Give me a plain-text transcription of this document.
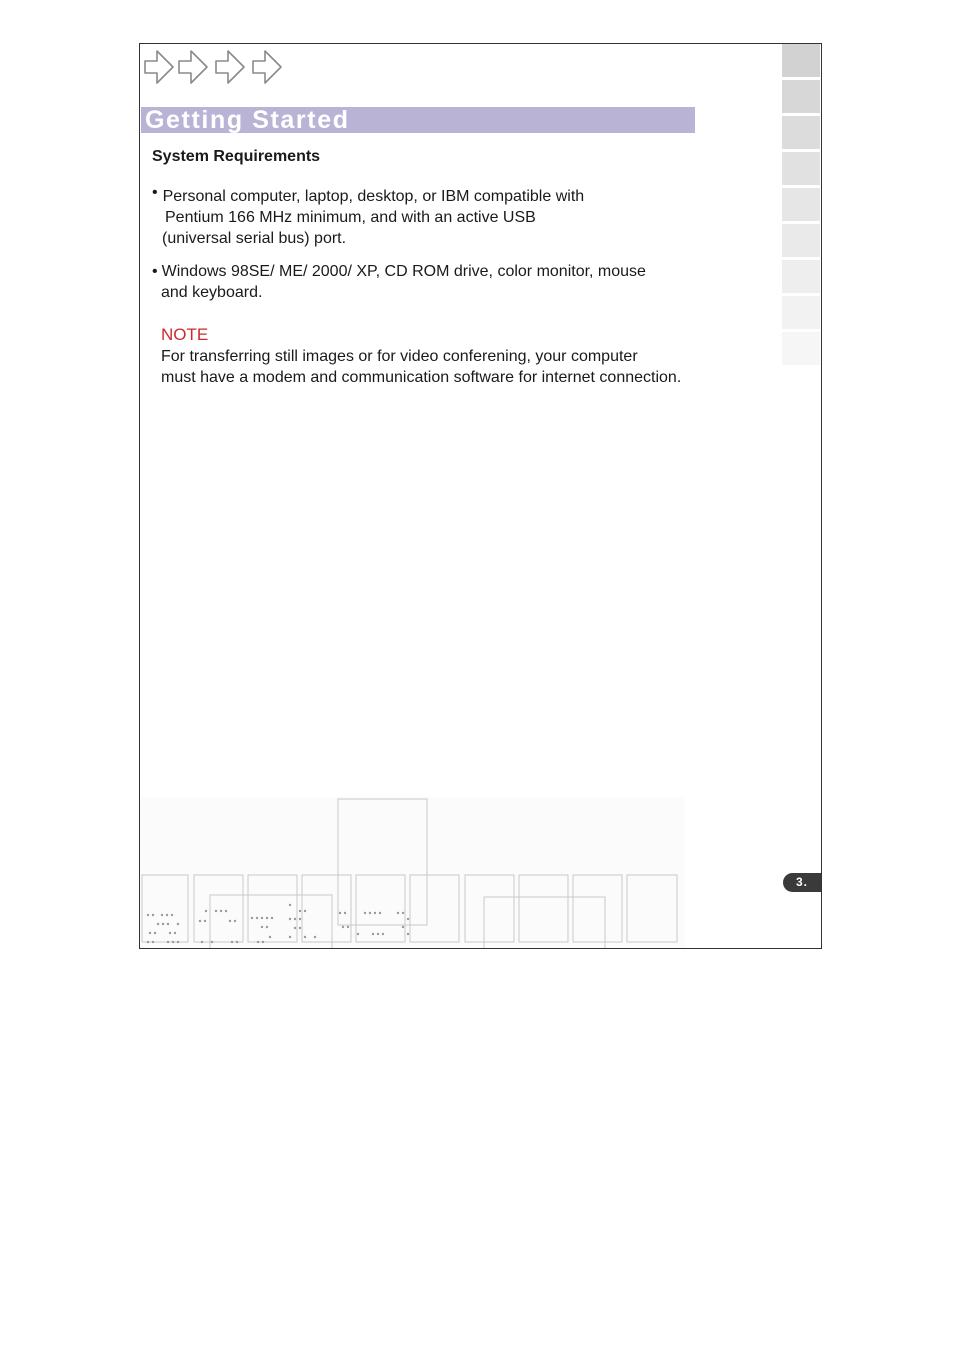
Getting Started
System Requirements
• Personal computer, laptop, desktop, or IBM compatible with
Pentium 166 MHz minimum, and with an active USB
(universal serial bus) port.
• Windows 98SE/ ME/ 2000/ XP, CD ROM drive, color monitor, mouse
and keyboard.
NOTE
For transferring still images or for video conferening, your computer
must have a modem and communication software for internet connection.
3.
